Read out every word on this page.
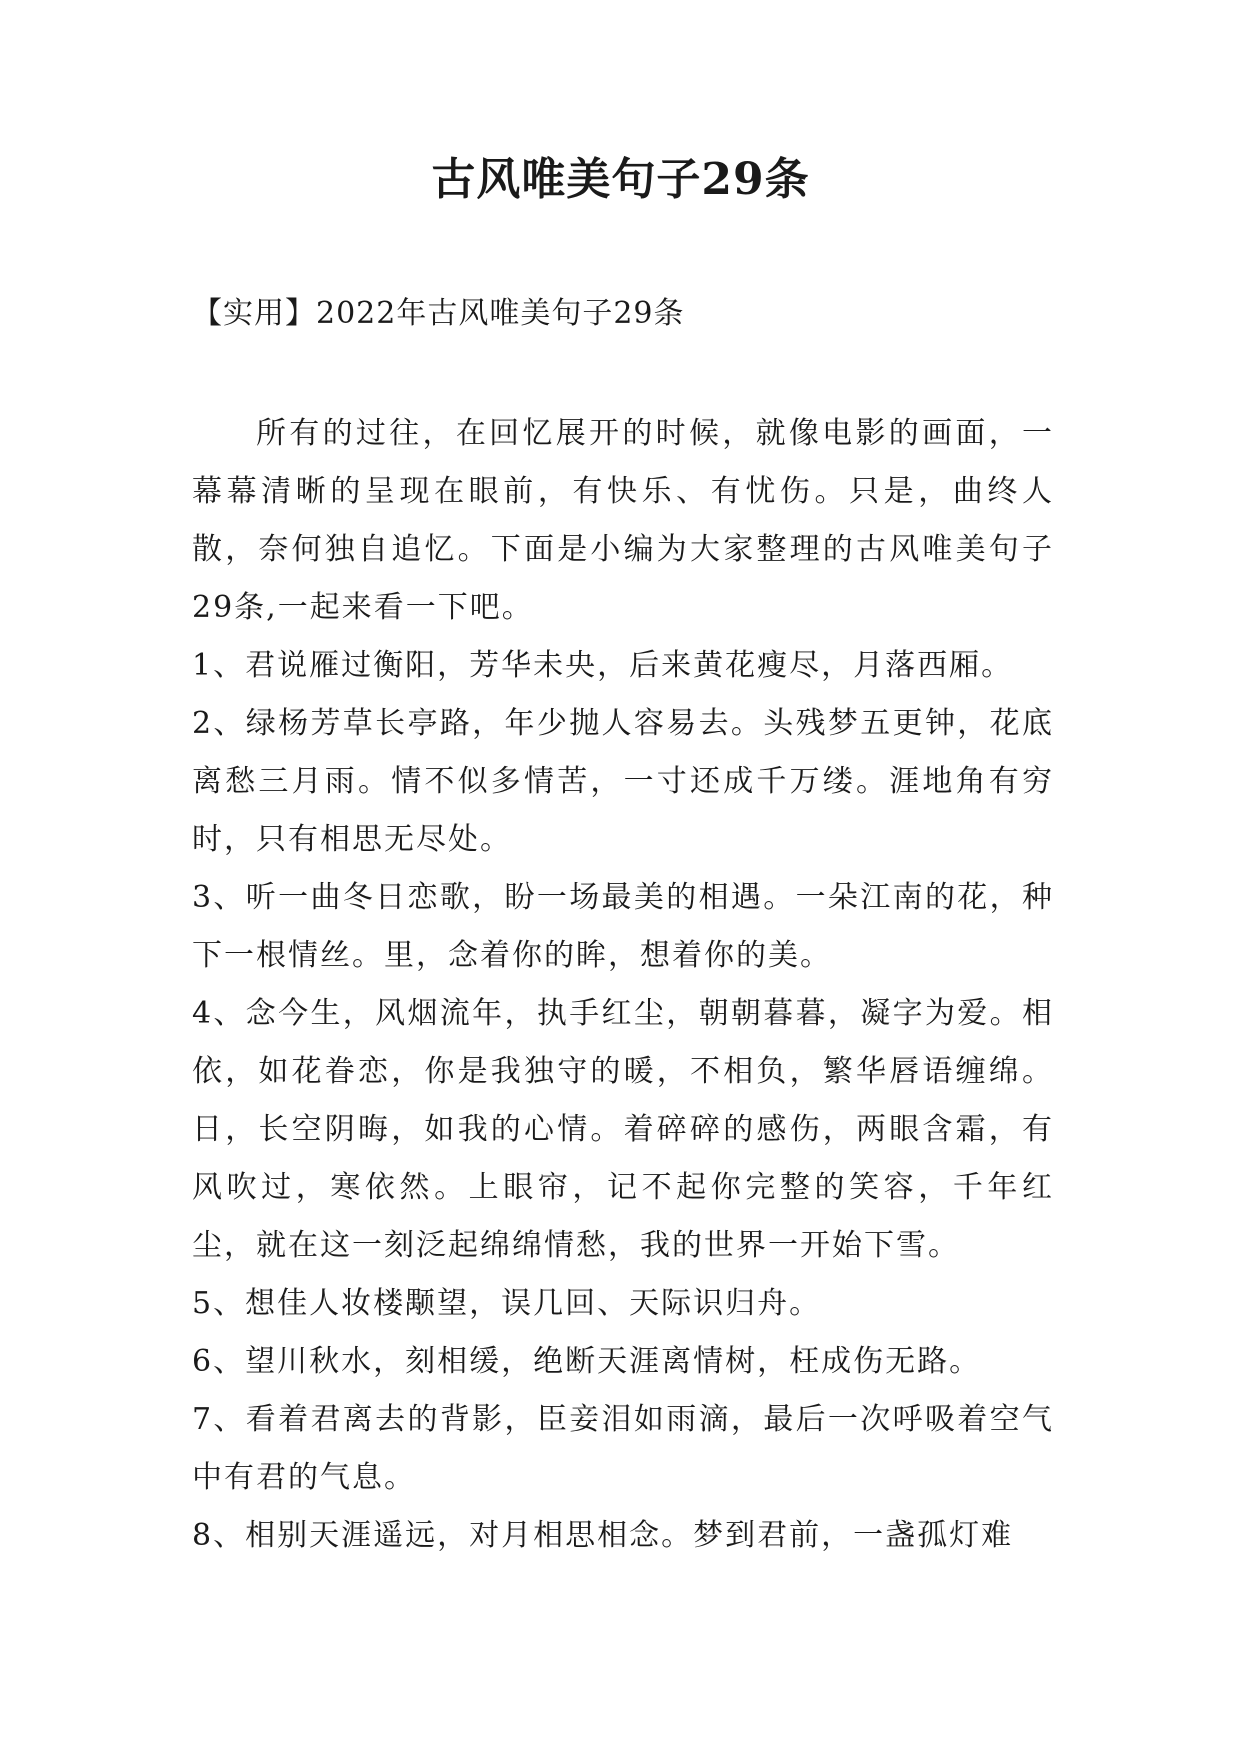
古风唯美句子29条

【实用】2022年古风唯美句子29条

所有的过往，在回忆展开的时候，就像电影的画面，一幕幕清晰的呈现在眼前，有快乐、有忧伤。只是，曲终人散，奈何独自追忆。下面是小编为大家整理的古风唯美句子29条,一起来看一下吧。

1、君说雁过衡阳，芳华未央，后来黄花瘦尽，月落西厢。

2、绿杨芳草长亭路，年少抛人容易去。头残梦五更钟，花底离愁三月雨。情不似多情苦，一寸还成千万缕。涯地角有穷时，只有相思无尽处。

3、听一曲冬日恋歌，盼一场最美的相遇。一朵江南的花，种下一根情丝。里，念着你的眸，想着你的美。

4、念今生，风烟流年，执手红尘，朝朝暮暮，凝字为爱。相依，如花眷恋，你是我独守的暖，不相负，繁华唇语缠绵。日，长空阴晦，如我的心情。着碎碎的感伤，两眼含霜，有风吹过，寒依然。上眼帘，记不起你完整的笑容，千年红尘，就在这一刻泛起绵绵情愁，我的世界一开始下雪。

5、想佳人妆楼颙望，误几回、天际识归舟。

6、望川秋水，刻相缓，绝断天涯离情树，枉成伤无路。

7、看着君离去的背影，臣妾泪如雨滴，最后一次呼吸着空气中有君的气息。

8、相别天涯遥远，对月相思相念。梦到君前，一盏孤灯难
